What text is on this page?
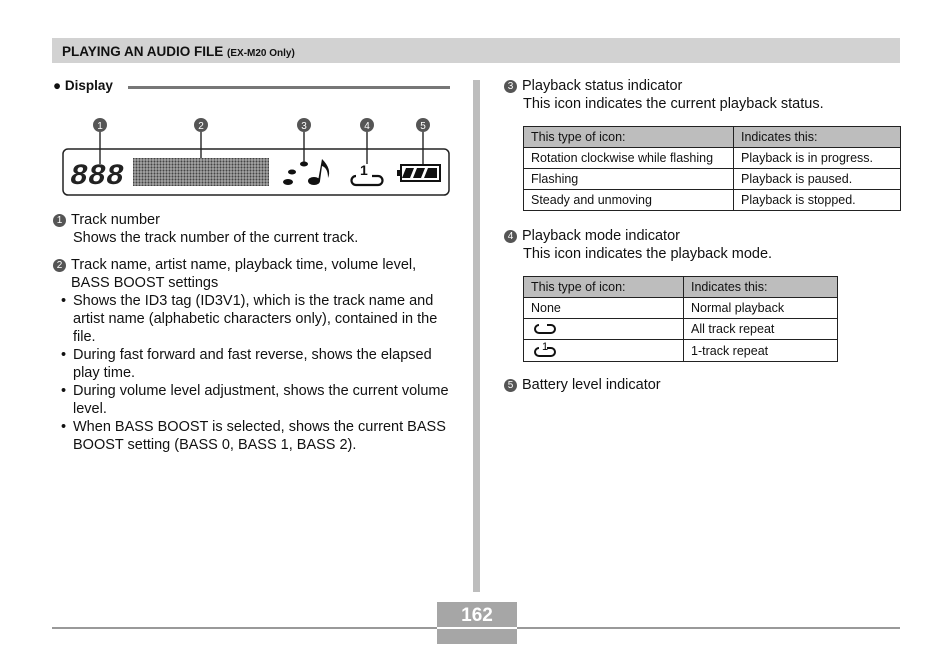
PLAYING AN AUDIO FILE (EX-M20 Only)
● Display
1	2	3	4	5
888	1
1 Track number
Shows the track number of the current track.
2 Track name, artist name, playback time, volume level, BASS BOOST settings
• Shows the ID3 tag (ID3V1), which is the track name and artist name (alphabetic characters only), contained in the file.
• During fast forward and fast reverse, shows the elapsed play time.
• During volume level adjustment, shows the current volume level.
• When BASS BOOST is selected, shows the current BASS BOOST setting (BASS 0, BASS 1, BASS 2).
3 Playback status indicator
This icon indicates the current playback status.
This type of icon:	Indicates this:
Rotation clockwise while flashing	Playback is in progress.
Flashing	Playback is paused.
Steady and unmoving	Playback is stopped.
4 Playback mode indicator
This icon indicates the playback mode.
This type of icon:	Indicates this:
None	Normal playback
	All track repeat

1	1-track repeat
5 Battery level indicator
162
